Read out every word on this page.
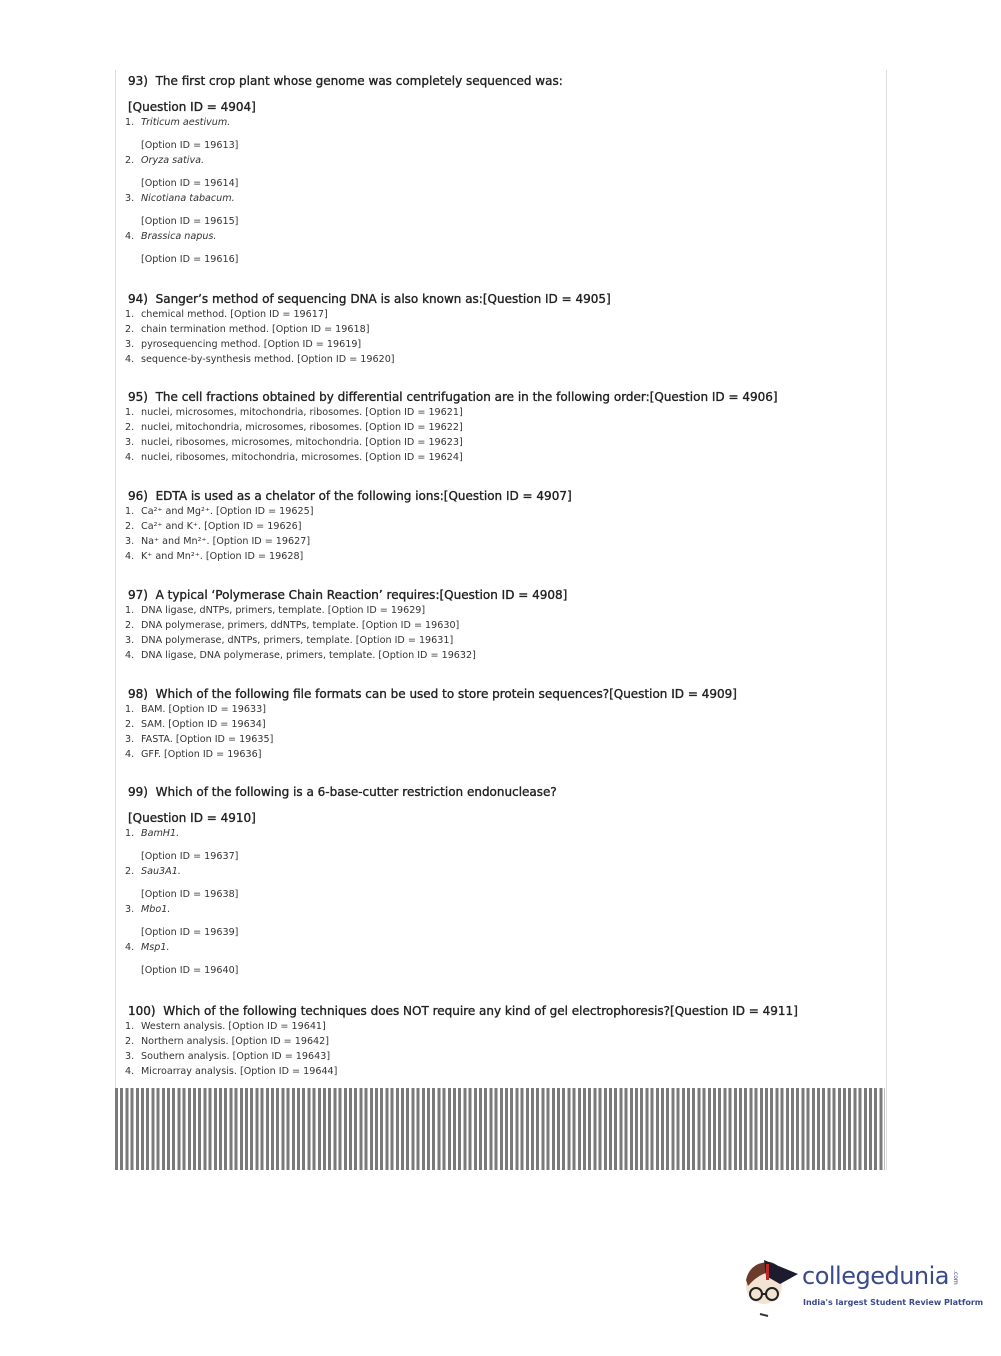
93) The first crop plant whose genome was completely sequenced was:
[Question ID = 4904]
1. Triticum aestivum.
[Option ID = 19613]
2. Oryza sativa.
[Option ID = 19614]
3. Nicotiana tabacum.
[Option ID = 19615]
4. Brassica napus.
[Option ID = 19616]
94) Sanger’s method of sequencing DNA is also known as:[Question ID = 4905]
1. chemical method. [Option ID = 19617]
2. chain termination method. [Option ID = 19618]
3. pyrosequencing method. [Option ID = 19619]
4. sequence-by-synthesis method. [Option ID = 19620]
95) The cell fractions obtained by differential centrifugation are in the following order:[Question ID = 4906]
1. nuclei, microsomes, mitochondria, ribosomes. [Option ID = 19621]
2. nuclei, mitochondria, microsomes, ribosomes. [Option ID = 19622]
3. nuclei, ribosomes, microsomes, mitochondria. [Option ID = 19623]
4. nuclei, ribosomes, mitochondria, microsomes. [Option ID = 19624]
96) EDTA is used as a chelator of the following ions:[Question ID = 4907]
1. Ca²⁺ and Mg²⁺. [Option ID = 19625]
2. Ca²⁺ and K⁺. [Option ID = 19626]
3. Na⁺ and Mn²⁺. [Option ID = 19627]
4. K⁺ and Mn²⁺. [Option ID = 19628]
97) A typical ‘Polymerase Chain Reaction’ requires:[Question ID = 4908]
1. DNA ligase, dNTPs, primers, template. [Option ID = 19629]
2. DNA polymerase, primers, ddNTPs, template. [Option ID = 19630]
3. DNA polymerase, dNTPs, primers, template. [Option ID = 19631]
4. DNA ligase, DNA polymerase, primers, template. [Option ID = 19632]
98) Which of the following file formats can be used to store protein sequences?[Question ID = 4909]
1. BAM. [Option ID = 19633]
2. SAM. [Option ID = 19634]
3. FASTA. [Option ID = 19635]
4. GFF. [Option ID = 19636]
99) Which of the following is a 6-base-cutter restriction endonuclease?
[Question ID = 4910]
1. BamH1.
[Option ID = 19637]
2. Sau3A1.
[Option ID = 19638]
3. Mbo1.
[Option ID = 19639]
4. Msp1.
[Option ID = 19640]
100) Which of the following techniques does NOT require any kind of gel electrophoresis?[Question ID = 4911]
1. Western analysis. [Option ID = 19641]
2. Northern analysis. [Option ID = 19642]
3. Southern analysis. [Option ID = 19643]
4. Microarray analysis. [Option ID = 19644]
collegedunia .com
India's largest Student Review Platform
